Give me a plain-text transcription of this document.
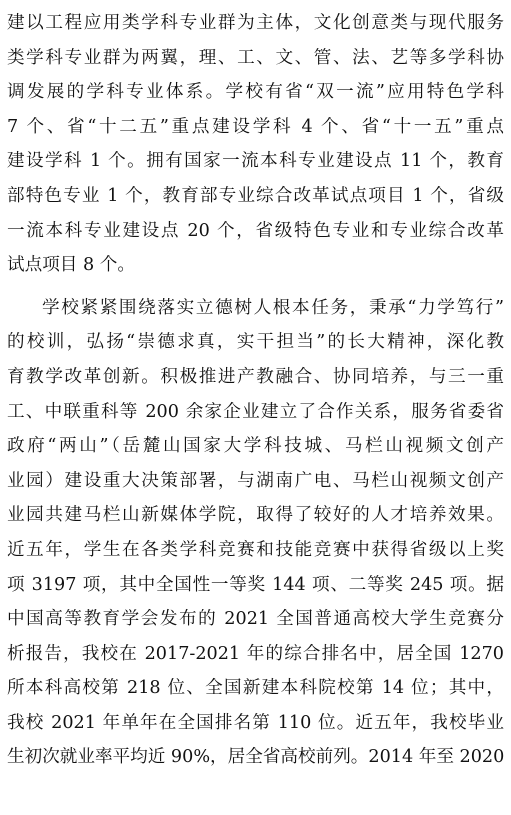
建以工程应用类学科专业群为主体，文化创意类与现代服务
类学科专业群为两翼，理、工、文、管、法、艺等多学科协
调发展的学科专业体系。学校有省“双一流”应用特色学科
7 个、省“十二五”重点建设学科 4 个、省“十一五”重点
建设学科 1 个。拥有国家一流本科专业建设点 11 个，教育
部特色专业 1 个，教育部专业综合改革试点项目 1 个，省级
一流本科专业建设点 20 个，省级特色专业和专业综合改革
试点项目 8 个。
学校紧紧围绕落实立德树人根本任务，秉承“力学笃行”
的校训，弘扬“崇德求真，实干担当”的长大精神，深化教
育教学改革创新。积极推进产教融合、协同培养，与三一重
工、中联重科等 200 余家企业建立了合作关系，服务省委省
政府“两山”（岳麓山国家大学科技城、马栏山视频文创产
业园）建设重大决策部署，与湖南广电、马栏山视频文创产
业园共建马栏山新媒体学院，取得了较好的人才培养效果。
近五年，学生在各类学科竞赛和技能竞赛中获得省级以上奖
项 3197 项，其中全国性一等奖 144 项、二等奖 245 项。据
中国高等教育学会发布的 2021 全国普通高校大学生竞赛分
析报告，我校在 2017-2021 年的综合排名中，居全国 1270
所本科高校第 218 位、全国新建本科院校第 14 位；其中，
我校 2021 年单年在全国排名第 110 位。近五年，我校毕业
生初次就业率平均近 90%，居全省高校前列。2014 年至 2020
